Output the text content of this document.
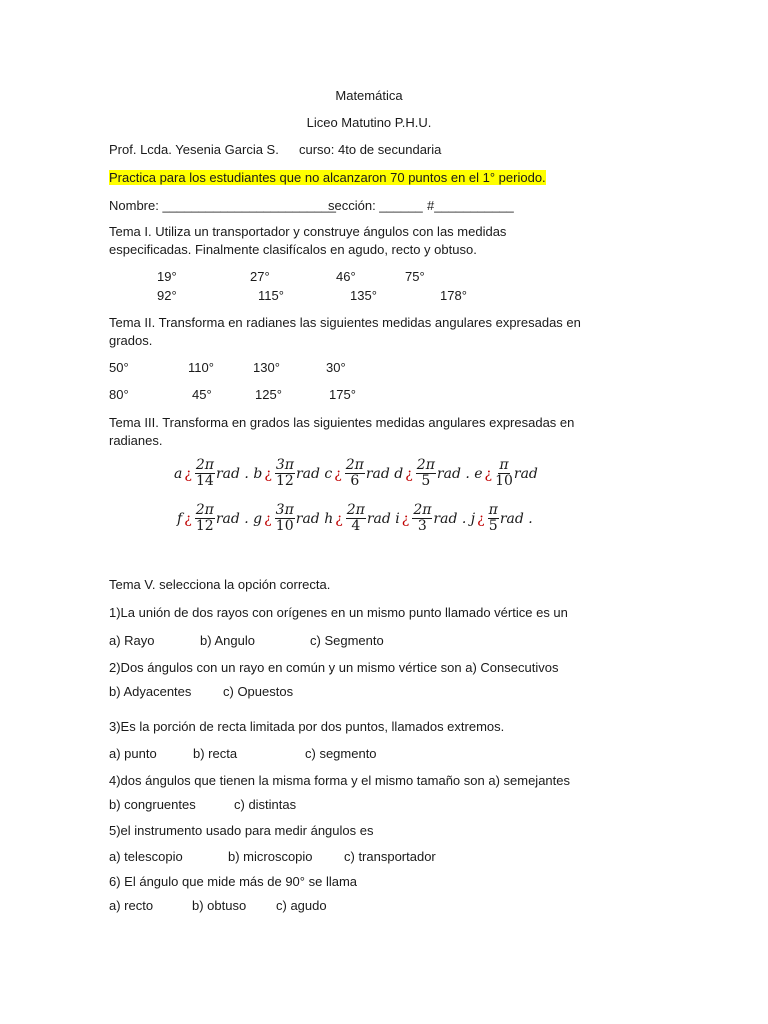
Matemática
Liceo Matutino P.H.U.
Prof. Lcda. Yesenia Garcia S. curso: 4to de secundaria
Practica para los estudiantes que no alcanzaron 70 puntos en el 1° periodo.
Nombre: ________________________
sección: ______ #___________
Tema I. Utiliza un transportador y construye ángulos con las medidas
especificadas. Finalmente clasifícalos en agudo, recto y obtuso.
19°	27°	46°	75°
92°	115°	135°	178°
Tema II. Transforma en radianes las siguientes medidas angulares expresadas en
grados.
50°	110°	130°	30°
80°	45°	125°	175°
Tema III. Transforma en grados las siguientes medidas angulares expresadas en
radianes.
a ¿ $\frac{2\pi}{14}$ rad . b ¿ $\frac{3\pi}{12}$ rad c ¿ $\frac{2\pi}{6}$ rad d ¿ $\frac{2\pi}{5}$ rad . e ¿ $\frac{\pi}{10}$ rad
f ¿ $\frac{2\pi}{12}$ rad . g ¿ $\frac{3\pi}{10}$ rad h ¿ $\frac{2\pi}{4}$ rad i ¿ $\frac{2\pi}{3}$ rad . j ¿ $\frac{\pi}{5}$ rad .
Tema V. selecciona la opción correcta.
1)La unión de dos rayos con orígenes en un mismo punto llamado vértice es un
a) Rayo	b) Angulo	c) Segmento
2)Dos ángulos con un rayo en común y un mismo vértice son a) Consecutivos
b) Adyacentes c) Opuestos
3)Es la porción de recta limitada por dos puntos, llamados extremos.
a) punto	b) recta	c) segmento
4)dos ángulos que tienen la misma forma y el mismo tamaño son a) semejantes
b) congruentes	c) distintas
5)el instrumento usado para medir ángulos es
a) telescopio	b) microscopio c) transportador
6) El ángulo que mide más de 90° se llama
a) recto	b) obtuso c) agudo
